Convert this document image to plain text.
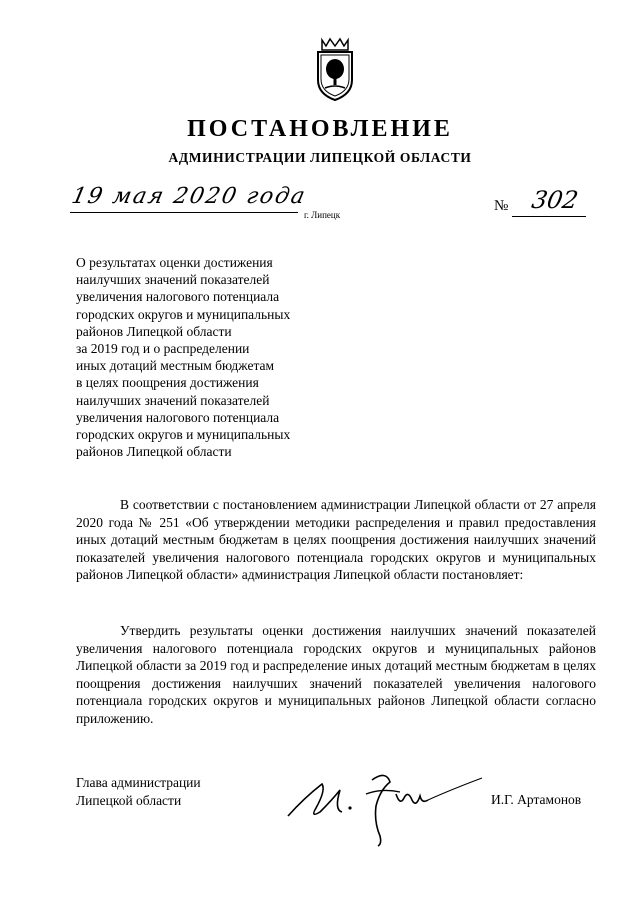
ПОСТАНОВЛЕНИЕ
АДМИНИСТРАЦИИ ЛИПЕЦКОЙ ОБЛАСТИ
19 мая 2020 года
г. Липецк
№ 302
О результатах оценки достижения
наилучших значений показателей
увеличения налогового потенциала
городских округов и муниципальных
районов Липецкой области
за 2019 год и о распределении
иных дотаций местным бюджетам
в целях поощрения достижения
наилучших значений показателей
увеличения налогового потенциала
городских округов и муниципальных
районов Липецкой области
В соответствии с постановлением администрации Липецкой области от 27 апреля 2020 года № 251 «Об утверждении методики распределения и правил предоставления иных дотаций местным бюджетам в целях поощрения достижения наилучших значений показателей увеличения налогового потенциала городских округов и муниципальных районов Липецкой области» администрация Липецкой области постановляет:
Утвердить результаты оценки достижения наилучших значений показателей увеличения налогового потенциала городских округов и муниципальных районов Липецкой области за 2019 год и распределение иных дотаций местным бюджетам в целях поощрения достижения наилучших значений показателей увеличения налогового потенциала городских округов и муниципальных районов Липецкой области согласно приложению.
Глава администрации
Липецкой области	И.Г. Артамонов
